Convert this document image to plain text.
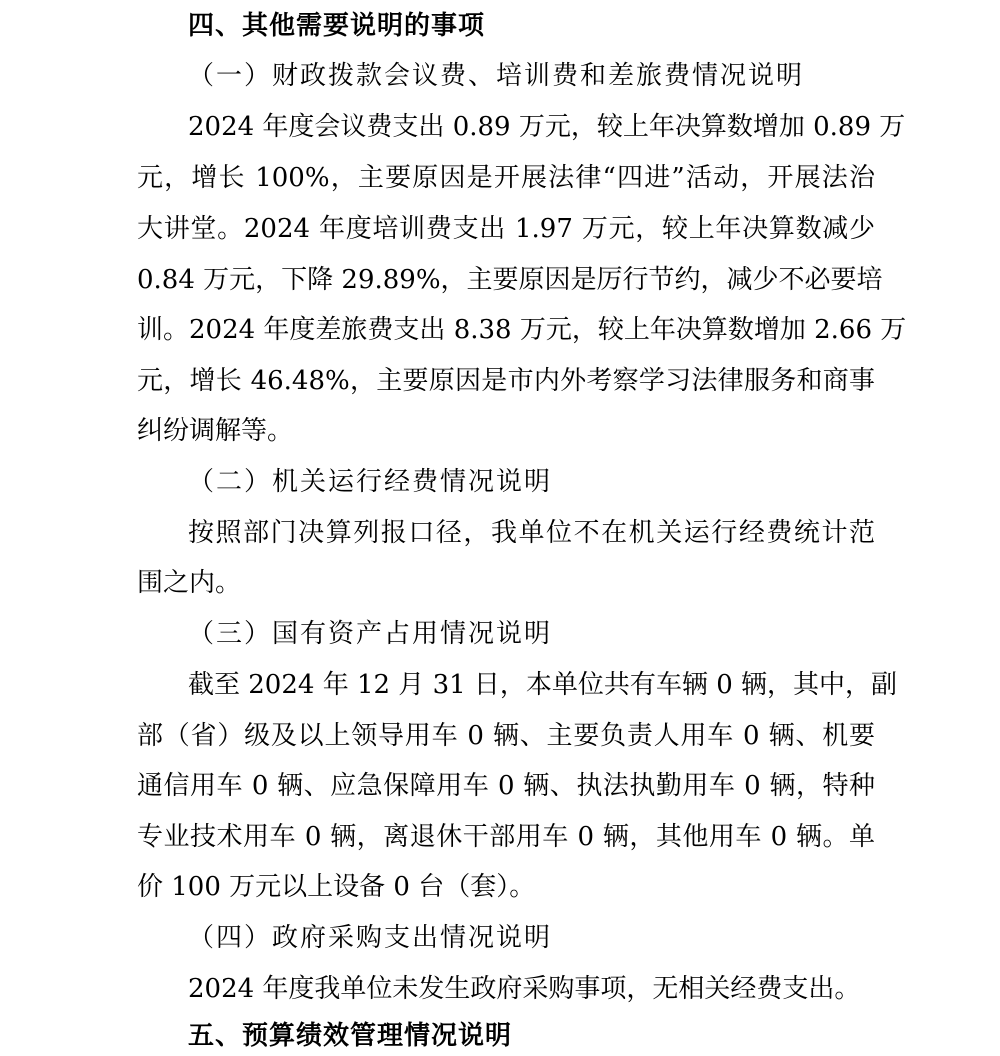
四、其他需要说明的事项
（一）财政拨款会议费、培训费和差旅费情况说明
2024 年度会议费支出 0.89 万元，较上年决算数增加 0.89 万
元，增长 100%，主要原因是开展法律“四进”活动，开展法治
大讲堂。2024 年度培训费支出 1.97 万元，较上年决算数减少
0.84 万元，下降 29.89%，主要原因是厉行节约，减少不必要培
训。2024 年度差旅费支出 8.38 万元，较上年决算数增加 2.66 万
元，增长 46.48%，主要原因是市内外考察学习法律服务和商事
纠纷调解等。
（二）机关运行经费情况说明
按照部门决算列报口径，我单位不在机关运行经费统计范
围之内。
（三）国有资产占用情况说明
截至 2024 年 12 月 31 日，本单位共有车辆 0 辆，其中，副
部（省）级及以上领导用车 0 辆、主要负责人用车 0 辆、机要
通信用车 0 辆、应急保障用车 0 辆、执法执勤用车 0 辆，特种
专业技术用车 0 辆，离退休干部用车 0 辆，其他用车 0 辆。单
价 100 万元以上设备 0 台（套）。
（四）政府采购支出情况说明
2024 年度我单位未发生政府采购事项，无相关经费支出。
五、预算绩效管理情况说明
